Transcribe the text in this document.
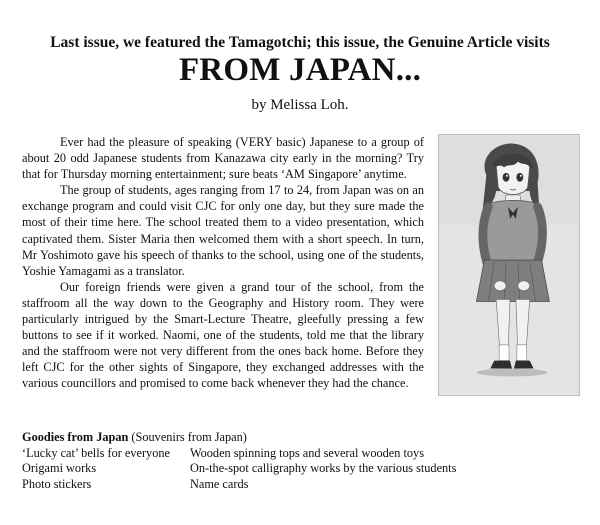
Last issue, we featured the Tamagotchi; this issue, the Genuine Article visits
FROM JAPAN...
by Melissa Loh.

Ever had the pleasure of speaking (VERY basic) Japanese to a group of about 20 odd Japanese students from Kanazawa city early in the morning? Try that for Thursday morning entertainment; sure beats ‘AM Singapore’ anytime.

The group of students, ages ranging from 17 to 24, from Japan was on an exchange program and could visit CJC for only one day, but they sure made the most of their time here. The school treated them to a video presentation, which captivated them. Sister Maria then welcomed them with a short speech. In turn, Mr Yoshimoto gave his speech of thanks to the school, using one of the students, Yoshie Yamagami as a translator.

Our foreign friends were given a grand tour of the school, from the staffroom all the way down to the Geography and History room. They were particularly intrigued by the Smart-Lecture Theatre, gleefully pressing a few buttons to see if it worked. Naomi, one of the students, told me that the library and the staffroom were not very different from the ones back home. Before they left CJC for the other sights of Singapore, they exchanged addresses with the various councillors and promised to come back whenever they had the chance.

Goodies from Japan (Souvenirs from Japan)
‘Lucky cat’ bells for everyone	Wooden spinning tops and several wooden toys
Origami works	On-the-spot calligraphy works by the various students
Photo stickers	Name cards
